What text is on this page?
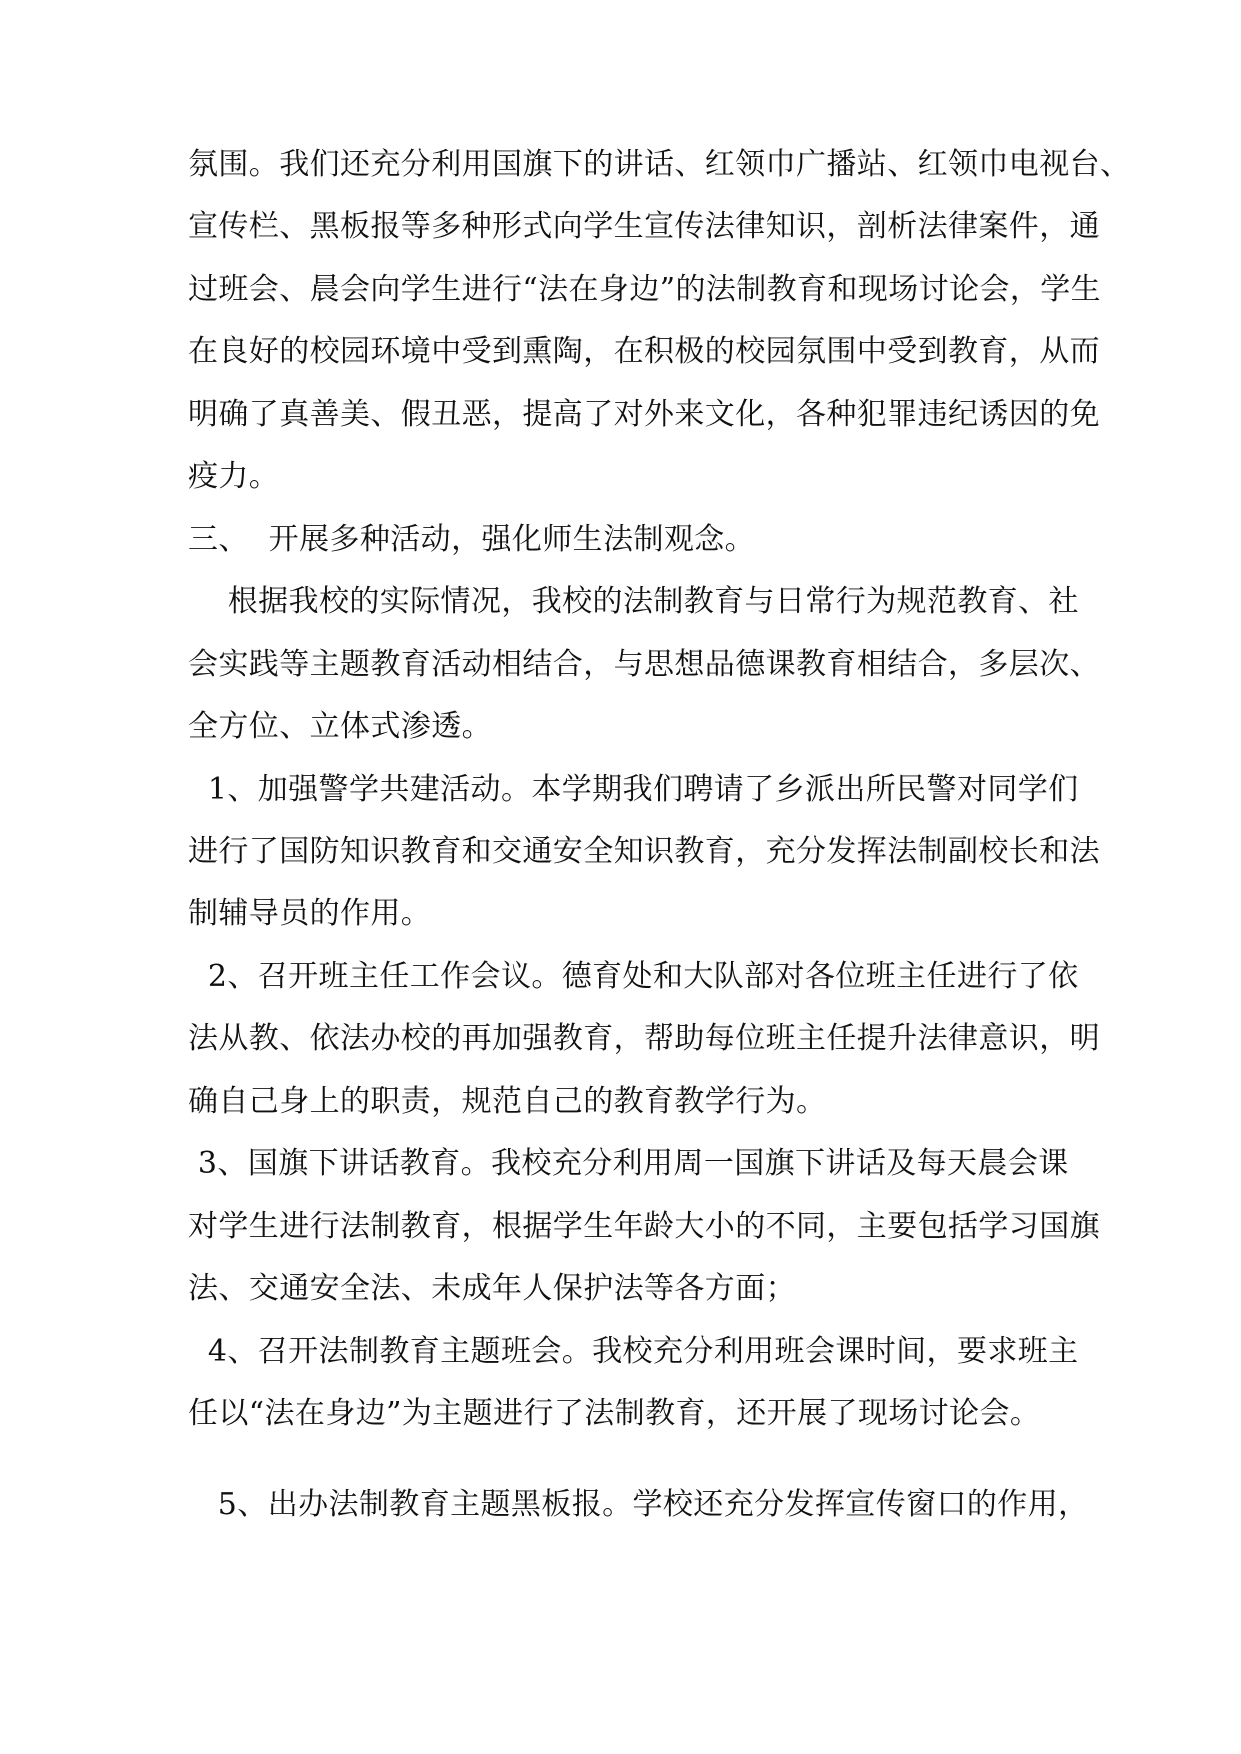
氛围。我们还充分利用国旗下的讲话、红领巾广播站、红领巾电视台、
宣传栏、黑板报等多种形式向学生宣传法律知识，剖析法律案件，通
过班会、晨会向学生进行“法在身边”的法制教育和现场讨论会，学生
在良好的校园环境中受到熏陶，在积极的校园氛围中受到教育，从而
明确了真善美、假丑恶，提高了对外来文化，各种犯罪违纪诱因的免
疫力。
三、  开展多种活动，强化师生法制观念。
根据我校的实际情况，我校的法制教育与日常行为规范教育、社
会实践等主题教育活动相结合，与思想品德课教育相结合，多层次、
全方位、立体式渗透。
1、加强警学共建活动。本学期我们聘请了乡派出所民警对同学们
进行了国防知识教育和交通安全知识教育，充分发挥法制副校长和法
制辅导员的作用。
2、召开班主任工作会议。德育处和大队部对各位班主任进行了依
法从教、依法办校的再加强教育，帮助每位班主任提升法律意识，明
确自己身上的职责，规范自己的教育教学行为。
3、国旗下讲话教育。我校充分利用周一国旗下讲话及每天晨会课
对学生进行法制教育，根据学生年龄大小的不同，主要包括学习国旗
法、交通安全法、未成年人保护法等各方面；
4、召开法制教育主题班会。我校充分利用班会课时间，要求班主
任以“法在身边”为主题进行了法制教育，还开展了现场讨论会。
5、出办法制教育主题黑板报。学校还充分发挥宣传窗口的作用，
